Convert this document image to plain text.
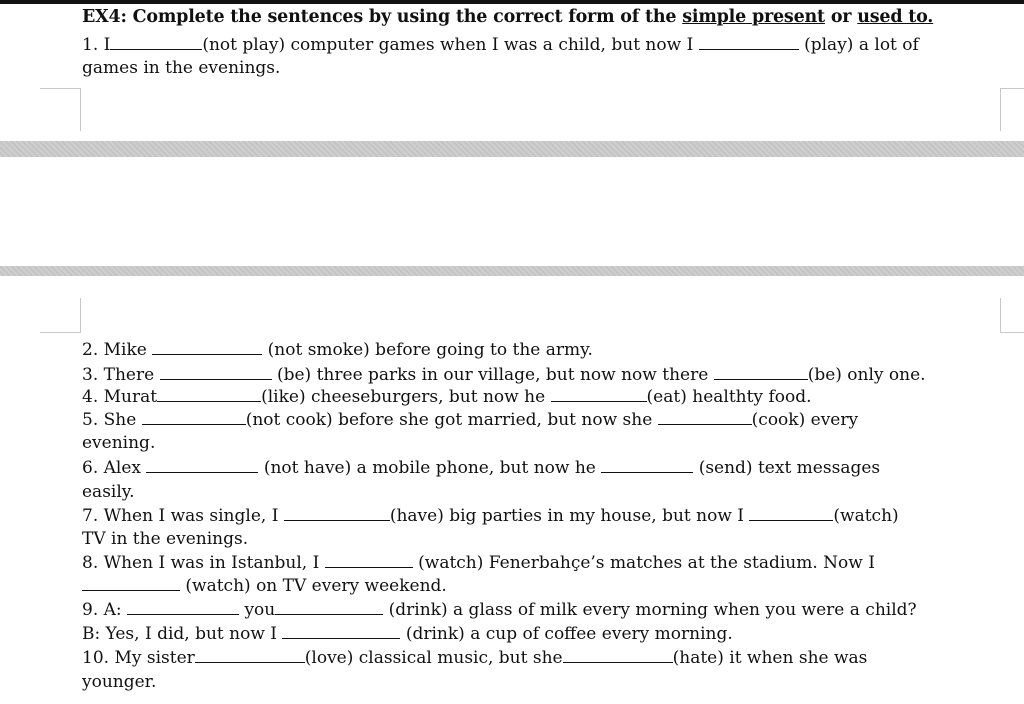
EX4: Complete the sentences by using the correct form of the simple present or used to.
1. I	(not play) computer games when I was a child, but now I	(play) a lot of
games in the evenings.
2. Mike	(not smoke) before going to the army.
3. There	(be) three parks in our village, but now now there	(be) only one.
4. Murat	(like) cheeseburgers, but now he	(eat) healthty food.
5. She	(not cook) before she got married, but now she	(cook) every
evening.
6. Alex	(not have) a mobile phone, but now he	(send) text messages
easily.
7. When I was single, I	(have) big parties in my house, but now I	(watch)
TV in the evenings.
8. When I was in Istanbul, I	(watch) Fenerbahçe’s matches at the stadium. Now I
(watch) on TV every weekend.
9. A:	you	(drink) a glass of milk every morning when you were a child?
B: Yes, I did, but now I	(drink) a cup of coffee every morning.
10. My sister	(love) classical music, but she	(hate) it when she was
younger.
